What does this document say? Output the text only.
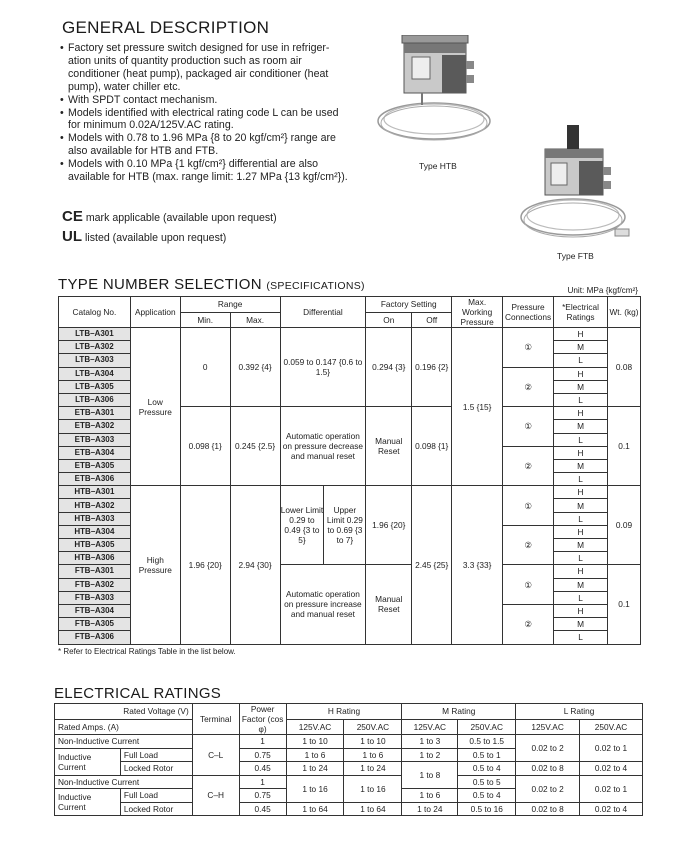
GENERAL DESCRIPTION
• Factory set pressure switch designed for use in refriger-ation units of quantity production such as room air conditioner (heat pump), packaged air conditioner (heat pump), water chiller etc.
• With SPDT contact mechanism.
• Models identified with electrical rating code L can be used for minimum 0.02A/125V.AC rating.
• Models with 0.78 to 1.96 MPa {8 to 20 kgf/cm²} range are also available for HTB and FTB.
• Models with 0.10 MPa {1 kgf/cm²} differential are also available for HTB (max. range limit: 1.27 MPa {13 kgf/cm²}).
CE mark applicable (available upon request)
UL listed (available upon request)
Type HTB
Type FTB
TYPE NUMBER SELECTION (SPECIFICATIONS)	Unit: MPa {kgf/cm²}
Catalog No.	Application	Range		Differential		Factory Setting		Max. Working Pressure	Pressure Connections	*Electrical Ratings	Wt. (kg)
		Min.	Max.			On	Off				
LTB–A301	Low Pressure	0	0.392 {4}	0.059 to 0.147 {0.6 to 1.5}		0.294 {3}	0.196 {2}	1.5 {15}	①	H	0.08
LTB–A302										M	
LTB–A303										L	
LTB–A304									②	H	
LTB–A305										M	
LTB–A306										L	
ETB–A301		0.098 {1}	0.245 {2.5}	Automatic operation on pressure decrease and manual reset		Manual Reset	0.098 {1}		①	H	0.1
ETB–A302										M	
ETB–A303										L	
ETB–A304									②	H	
ETB–A305										M	
ETB–A306										L	
HTB–A301	High Pressure	1.96 {20}	2.94 {30}	Lower Limit 0.29 to 0.49 {3 to 5}	Upper Limit 0.29 to 0.69 {3 to 7}	1.96 {20}	2.45 {25}	3.3 {33}	①	H	0.09
HTB–A302										M	
HTB–A303										L	
HTB–A304									②	H	
HTB–A305										M	
HTB–A306										L	
FTB–A301				Automatic operation on pressure increase and manual reset		Manual Reset			①	H	0.1
FTB–A302										M	
FTB–A303										L	
FTB–A304									②	H	
FTB–A305										M	
FTB–A306										L	
* Refer to Electrical Ratings Table in the list below.
ELECTRICAL RATINGS
Rated Voltage (V)		Terminal	Power Factor (cos φ)	H Rating		M Rating		L Rating	
Rated Amps. (A)				125V.AC	250V.AC	125V.AC	250V.AC	125V.AC	250V.AC
Non-Inductive Current		C–L	1	1 to 10	1 to 10	1 to 3	0.5 to 1.5	0.02 to 2	0.02 to 1
Inductive Current	Full Load		0.75	1 to 6	1 to 6	1 to 2	0.5 to 1		
	Locked Rotor		0.45	1 to 24	1 to 24	1 to 8	0.5 to 4	0.02 to 8	0.02 to 4
Non-Inductive Current		C–H	1	1 to 16	1 to 16		0.5 to 5	0.02 to 2	0.02 to 1
Inductive Current	Full Load		0.75			1 to 6	0.5 to 4		
	Locked Rotor		0.45	1 to 64	1 to 64	1 to 24	0.5 to 16	0.02 to 8	0.02 to 4
